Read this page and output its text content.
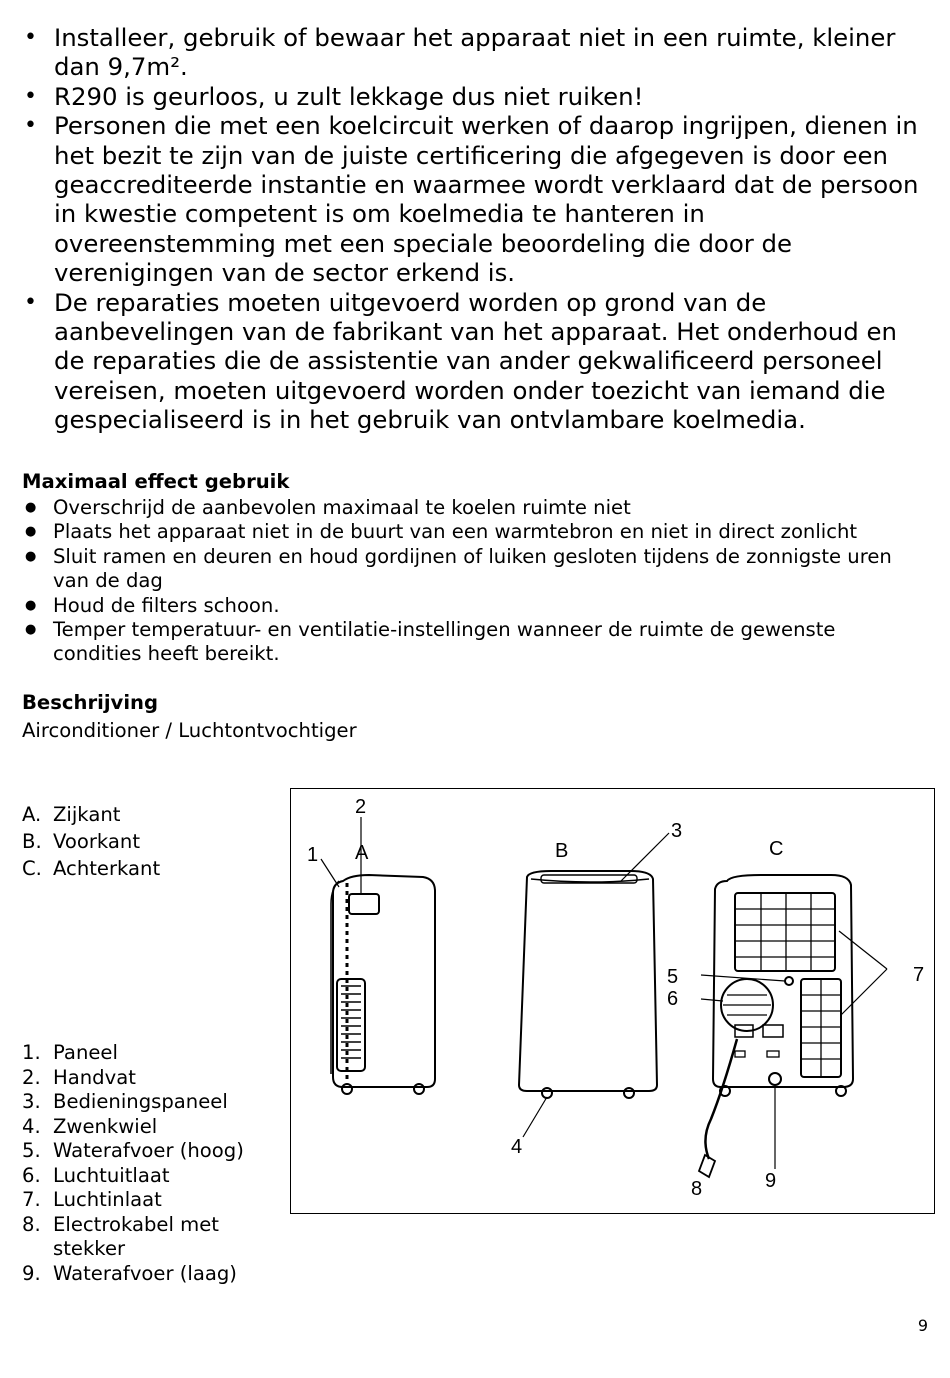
• Installeer, gebruik of bewaar het apparaat niet in een ruimte, kleiner dan 9,7m².
• R290 is geurloos, u zult lekkage dus niet ruiken!
• Personen die met een koelcircuit werken of daarop ingrijpen, dienen in het bezit te zijn van de juiste certificering die afgegeven is door een geaccrediteerde instantie en waarmee wordt verklaard dat de persoon in kwestie competent is om koelmedia te hanteren in overeenstemming met een speciale beoordeling die door de verenigingen van de sector erkend is.
• De reparaties moeten uitgevoerd worden op grond van de aanbevelingen van de fabrikant van het apparaat. Het onderhoud en de reparaties die de assistentie van ander gekwalificeerd personeel vereisen, moeten uitgevoerd worden onder toezicht van iemand die gespecialiseerd is in het gebruik van ontvlambare koelmedia.
Maximaal effect gebruik
● Overschrijd de aanbevolen maximaal te koelen ruimte niet
● Plaats het apparaat niet in de buurt van een warmtebron en niet in direct zonlicht
● Sluit ramen en deuren en houd gordijnen of luiken gesloten tijdens de zonnigste uren van de dag
● Houd de filters schoon.
● Temper temperatuur- en ventilatie-instellingen wanneer de ruimte de gewenste condities heeft bereikt.
Beschrijving
Airconditioner / Luchtontvochtiger
A. Zijkant
B. Voorkant
C. Achterkant
1. Paneel
2. Handvat
3. Bedieningspaneel
4. Zwenkwiel
5. Waterafvoer (hoog)
6. Luchtuitlaat
7. Luchtinlaat
8. Electrokabel met stekker
9. Waterafvoer (laag)
A	B	C
1
2
3
4
5
6
7
8	9
9
